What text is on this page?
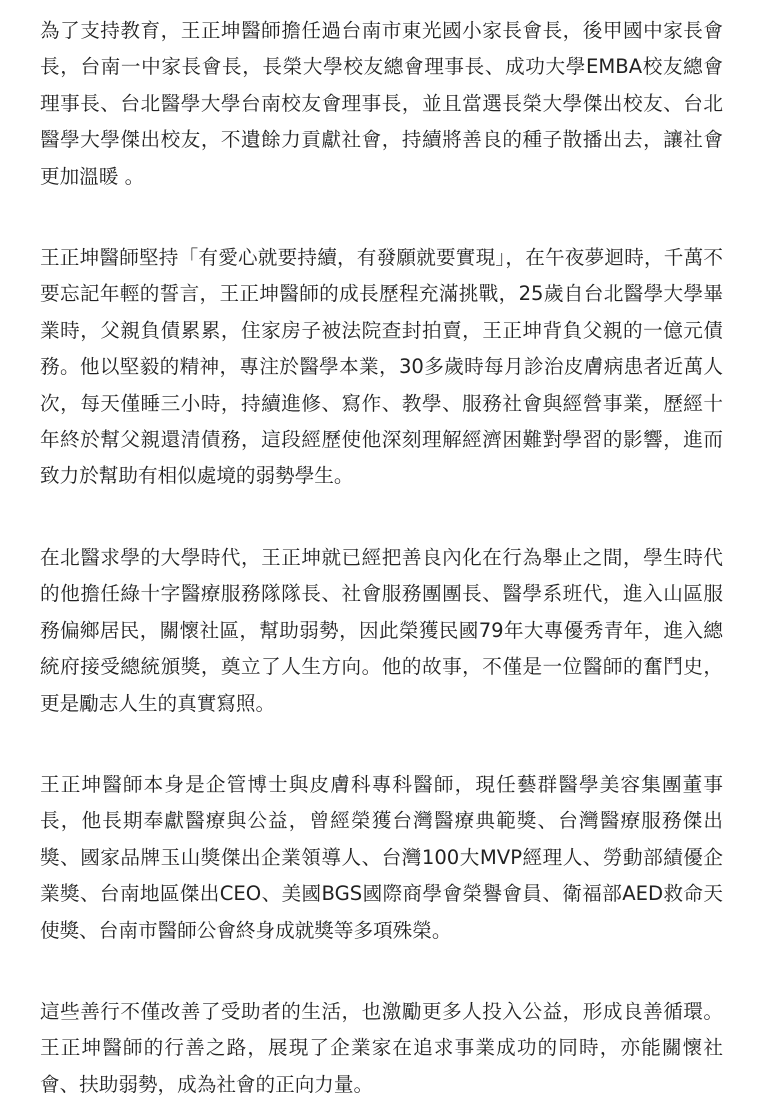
為了支持教育，王正坤醫師擔任過台南市東光國小家長會長，後甲國中家長會長，台南一中家長會長，長榮大學校友總會理事長、成功大學EMBA校友總會理事長、台北醫學大學台南校友會理事長，並且當選長榮大學傑出校友、台北醫學大學傑出校友，不遺餘力貢獻社會，持續將善良的種子散播出去，讓社會更加溫暖 。

王正坤醫師堅持「有愛心就要持續，有發願就要實現」，在午夜夢迴時，千萬不要忘記年輕的誓言，王正坤醫師的成長歷程充滿挑戰，25歲自台北醫學大學畢業時，父親負債累累，住家房子被法院查封拍賣，王正坤背負父親的一億元債務。他以堅毅的精神，專注於醫學本業，30多歲時每月診治皮膚病患者近萬人次，每天僅睡三小時，持續進修、寫作、教學、服務社會與經營事業，歷經十年終於幫父親還清債務，這段經歷使他深刻理解經濟困難對學習的影響，進而致力於幫助有相似處境的弱勢學生。

在北醫求學的大學時代，王正坤就已經把善良內化在行為舉止之間，學生時代的他擔任綠十字醫療服務隊隊長、社會服務團團長、醫學系班代，進入山區服務偏鄉居民，關懷社區，幫助弱勢，因此榮獲民國79年大專優秀青年，進入總統府接受總統頒獎，奠立了人生方向。他的故事，不僅是一位醫師的奮鬥史，更是勵志人生的真實寫照。

王正坤醫師本身是企管博士與皮膚科專科醫師，現任藝群醫學美容集團董事長，他長期奉獻醫療與公益，曾經榮獲台灣醫療典範獎、台灣醫療服務傑出獎、國家品牌玉山獎傑出企業領導人、台灣100大MVP經理人、勞動部績優企業獎、台南地區傑出CEO、美國BGS國際商學會榮譽會員、衛福部AED救命天使獎、台南市醫師公會終身成就獎等多項殊榮。

這些善行不僅改善了受助者的生活，也激勵更多人投入公益，形成良善循環。王正坤醫師的行善之路，展現了企業家在追求事業成功的同時，亦能關懷社會、扶助弱勢，成為社會的正向力量。
